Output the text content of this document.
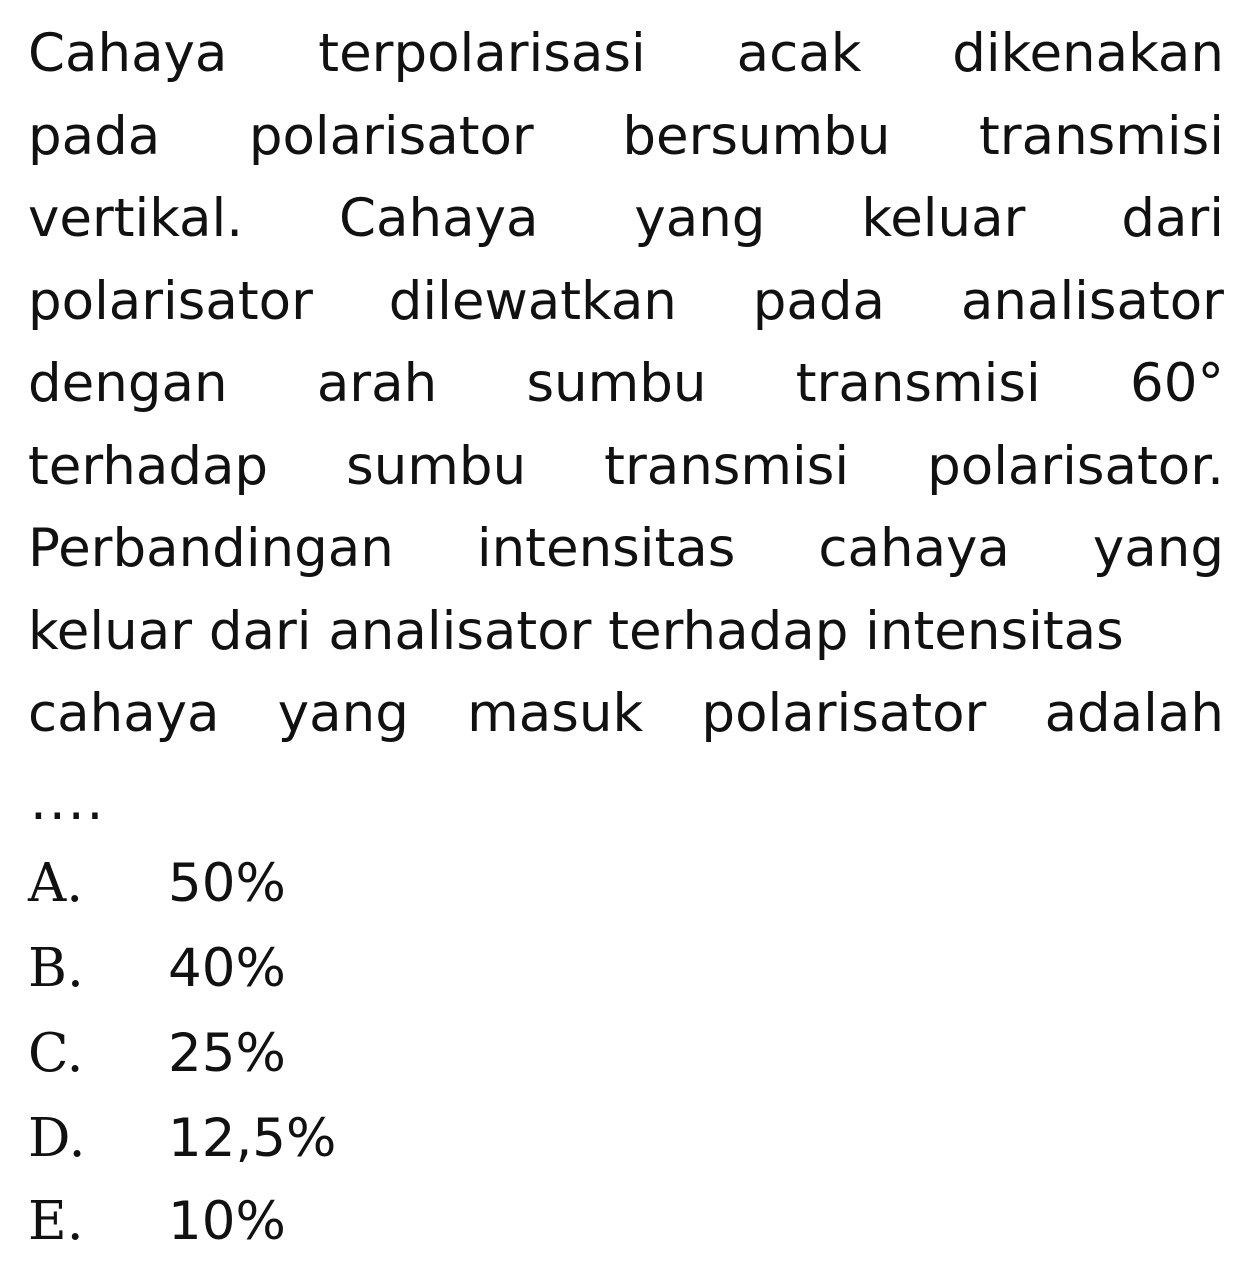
Cahaya terpolarisasi acak dikenakan
pada polarisator bersumbu transmisi
vertikal. Cahaya yang keluar dari
polarisator dilewatkan pada analisator
dengan arah sumbu transmisi 60°
terhadap sumbu transmisi polarisator.
Perbandingan intensitas cahaya yang
keluar dari analisator terhadap intensitas
cahaya yang masuk polarisator adalah
....
A. 50%
B. 40%
C. 25%
D. 12,5%
E. 10%
